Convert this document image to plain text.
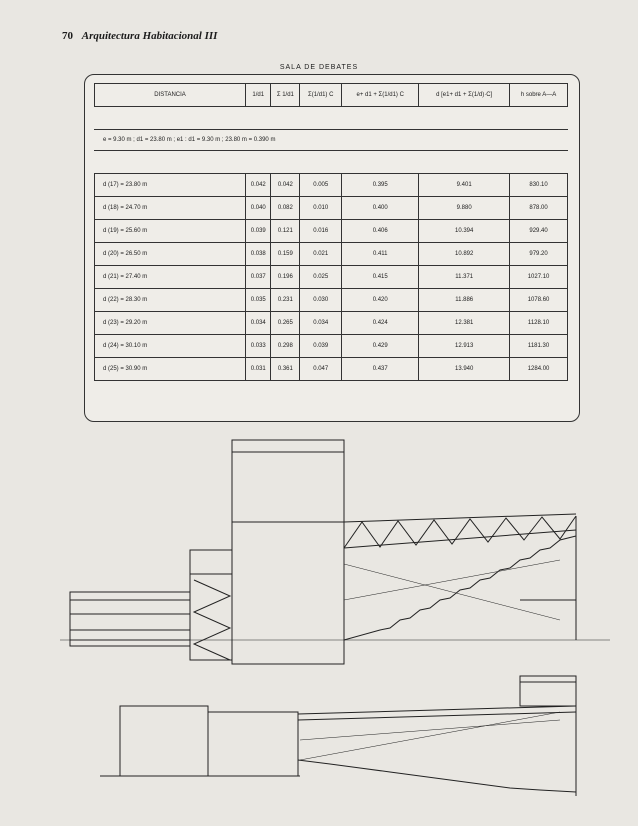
70 Arquitectura Habitacional III
SALA DE DEBATES
DISTANCIA	1/d1	Σ 1/d1	Σ(1/d1) C	e+ d1 + Σ(1/d1) C	d [e1+ d1 + Σ(1/d)·C]	h sobre A—A

e = 9.30 m ; d1 = 23.80 m ; e1 : d1 = 9.30 m ; 23.80 m = 0.390 m						

d (17) = 23.80 m	0.042	0.042	0.005	0.395	9.401	830.10
d (18) = 24.70 m	0.040	0.082	0.010	0.400	9.880	878.00
d (19) = 25.60 m	0.039	0.121	0.016	0.406	10.394	929.40
d (20) = 26.50 m	0.038	0.159	0.021	0.411	10.892	979.20
d (21) = 27.40 m	0.037	0.196	0.025	0.415	11.371	1027.10
d (22) = 28.30 m	0.035	0.231	0.030	0.420	11.886	1078.60
d (23) = 29.20 m	0.034	0.265	0.034	0.424	12.381	1128.10
d (24) = 30.10 m	0.033	0.298	0.039	0.429	12.913	1181.30
d (25) = 30.90 m	0.031	0.361	0.047	0.437	13.940	1284.00
